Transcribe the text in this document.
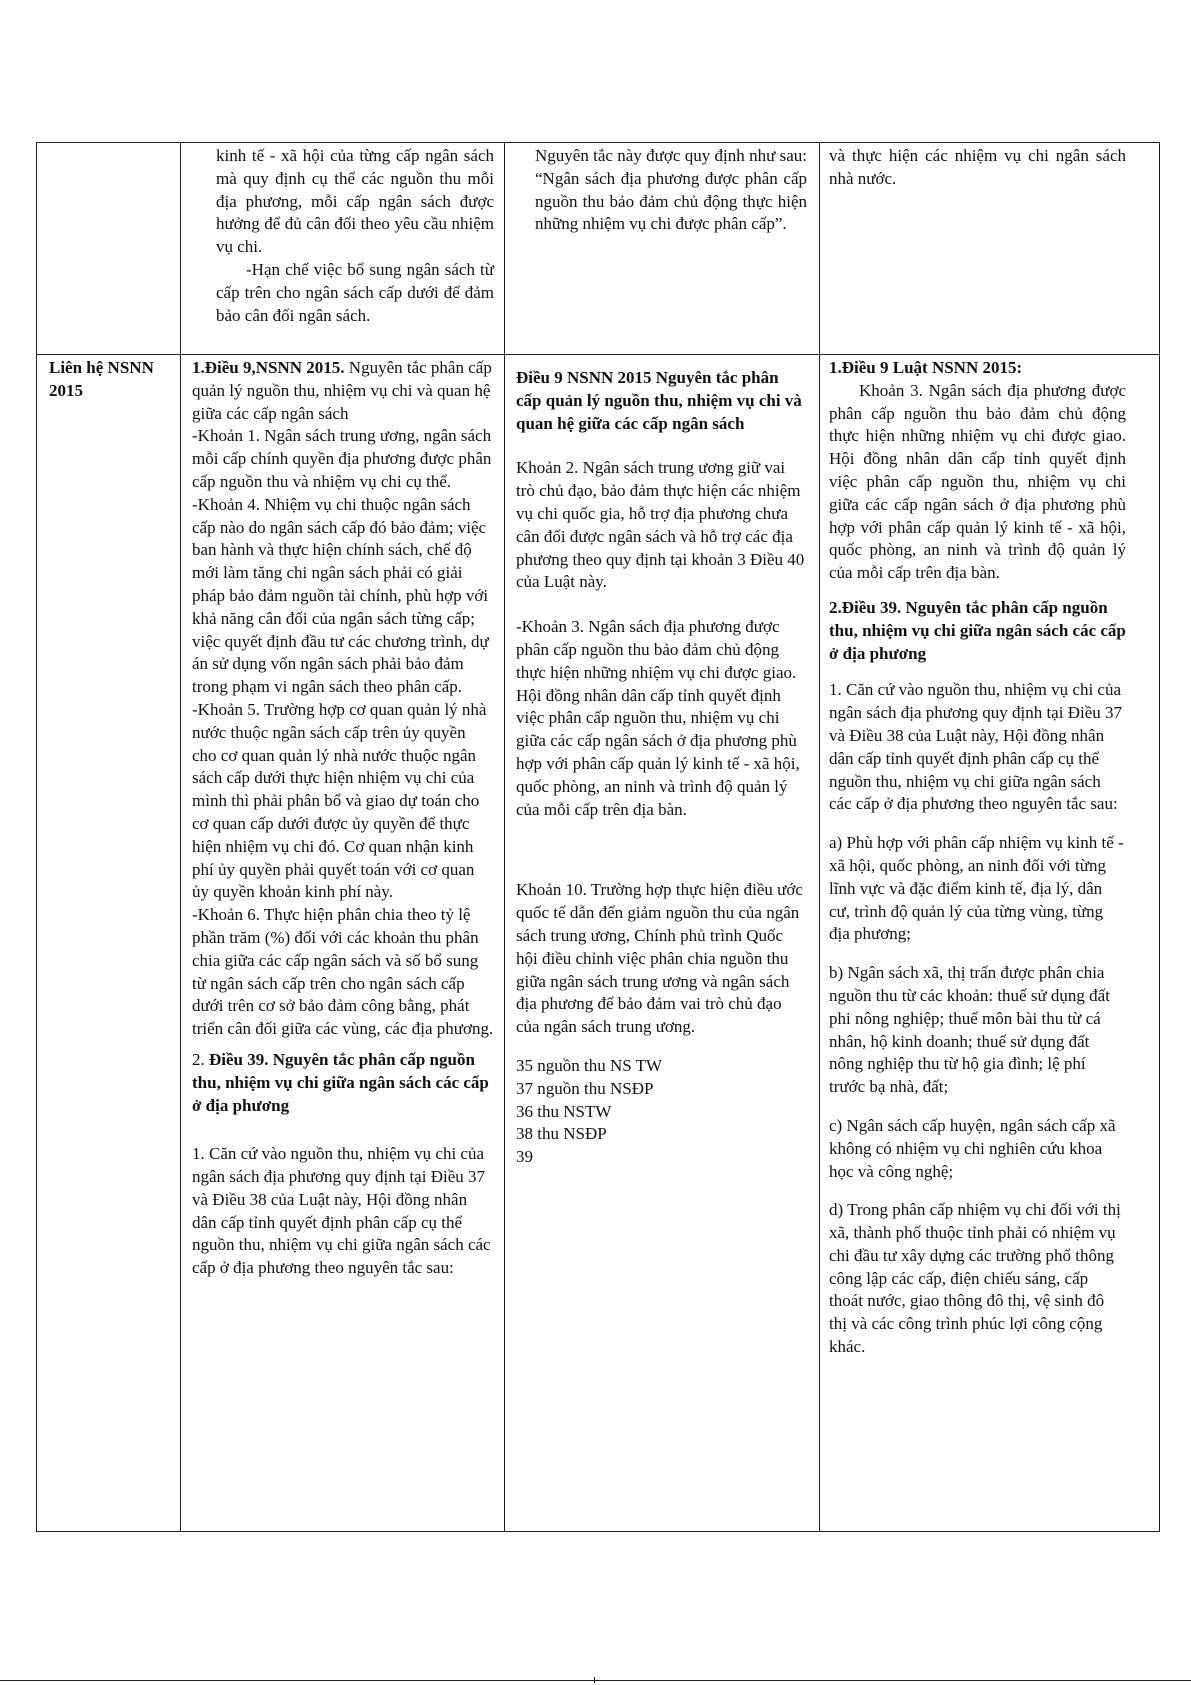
kinh tế - xã hội của từng cấp ngân sách mà quy định cụ thể các nguồn thu mỗi địa phương, mỗi cấp ngân sách được hưởng để đủ cân đối theo yêu cầu nhiệm vụ chi.

-Hạn chế việc bổ sung ngân sách từ cấp trên cho ngân sách cấp dưới để đảm bảo cân đối ngân sách.

Nguyên tắc này được quy định như sau: “Ngân sách địa phương được phân cấp nguồn thu bảo đảm chủ động thực hiện những nhiệm vụ chi được phân cấp”.

và thực hiện các nhiệm vụ chi ngân sách nhà nước.

Liên hệ NSNN 2015

1.Điều 9,NSNN 2015. Nguyên tắc phân cấp quản lý nguồn thu, nhiệm vụ chi và quan hệ giữa các cấp ngân sách

-Khoản 1. Ngân sách trung ương, ngân sách mỗi cấp chính quyền địa phương được phân cấp nguồn thu và nhiệm vụ chi cụ thể.

-Khoản 4. Nhiệm vụ chi thuộc ngân sách cấp nào do ngân sách cấp đó bảo đảm; việc ban hành và thực hiện chính sách, chế độ mới làm tăng chi ngân sách phải có giải pháp bảo đảm nguồn tài chính, phù hợp với khả năng cân đối của ngân sách từng cấp; việc quyết định đầu tư các chương trình, dự án sử dụng vốn ngân sách phải bảo đảm trong phạm vi ngân sách theo phân cấp.

-Khoản 5. Trường hợp cơ quan quản lý nhà nước thuộc ngân sách cấp trên ủy quyền cho cơ quan quản lý nhà nước thuộc ngân sách cấp dưới thực hiện nhiệm vụ chi của mình thì phải phân bổ và giao dự toán cho cơ quan cấp dưới được ủy quyền để thực hiện nhiệm vụ chi đó. Cơ quan nhận kinh phí ủy quyền phải quyết toán với cơ quan ủy quyền khoản kinh phí này.

-Khoản 6. Thực hiện phân chia theo tỷ lệ phần trăm (%) đối với các khoản thu phân chia giữa các cấp ngân sách và số bổ sung từ ngân sách cấp trên cho ngân sách cấp dưới trên cơ sở bảo đảm công bằng, phát triển cân đối giữa các vùng, các địa phương.

2. Điều 39. Nguyên tắc phân cấp nguồn thu, nhiệm vụ chi giữa ngân sách các cấp ở địa phương

1. Căn cứ vào nguồn thu, nhiệm vụ chi của ngân sách địa phương quy định tại Điều 37 và Điều 38 của Luật này, Hội đồng nhân dân cấp tỉnh quyết định phân cấp cụ thể nguồn thu, nhiệm vụ chi giữa ngân sách các cấp ở địa phương theo nguyên tắc sau:

Điều 9 NSNN 2015 Nguyên tắc phân cấp quản lý nguồn thu, nhiệm vụ chi và quan hệ giữa các cấp ngân sách

Khoản 2. Ngân sách trung ương giữ vai trò chủ đạo, bảo đảm thực hiện các nhiệm vụ chi quốc gia, hỗ trợ địa phương chưa cân đối được ngân sách và hỗ trợ các địa phương theo quy định tại khoản 3 Điều 40 của Luật này.

-Khoản 3. Ngân sách địa phương được phân cấp nguồn thu bảo đảm chủ động thực hiện những nhiệm vụ chi được giao. Hội đồng nhân dân cấp tỉnh quyết định việc phân cấp nguồn thu, nhiệm vụ chi giữa các cấp ngân sách ở địa phương phù hợp với phân cấp quản lý kinh tế - xã hội, quốc phòng, an ninh và trình độ quản lý của mỗi cấp trên địa bàn.

Khoản 10. Trường hợp thực hiện điều ước quốc tế dẫn đến giảm nguồn thu của ngân sách trung ương, Chính phủ trình Quốc hội điều chỉnh việc phân chia nguồn thu giữa ngân sách trung ương và ngân sách địa phương để bảo đảm vai trò chủ đạo của ngân sách trung ương.

35 nguồn thu NS TW

37 nguồn thu NSĐP

36 thu NSTW

38 thu NSĐP

39

1.Điều 9 Luật NSNN 2015:

Khoản 3. Ngân sách địa phương được phân cấp nguồn thu bảo đảm chủ động thực hiện những nhiệm vụ chi được giao. Hội đồng nhân dân cấp tỉnh quyết định việc phân cấp nguồn thu, nhiệm vụ chi giữa các cấp ngân sách ở địa phương phù hợp với phân cấp quản lý kinh tế - xã hội, quốc phòng, an ninh và trình độ quản lý của mỗi cấp trên địa bàn.

2.Điều 39. Nguyên tắc phân cấp nguồn thu, nhiệm vụ chi giữa ngân sách các cấp ở địa phương

1. Căn cứ vào nguồn thu, nhiệm vụ chi của ngân sách địa phương quy định tại Điều 37 và Điều 38 của Luật này, Hội đồng nhân dân cấp tỉnh quyết định phân cấp cụ thể nguồn thu, nhiệm vụ chi giữa ngân sách các cấp ở địa phương theo nguyên tắc sau:

a) Phù hợp với phân cấp nhiệm vụ kinh tế - xã hội, quốc phòng, an ninh đối với từng lĩnh vực và đặc điểm kinh tế, địa lý, dân cư, trình độ quản lý của từng vùng, từng địa phương;

b) Ngân sách xã, thị trấn được phân chia nguồn thu từ các khoản: thuế sử dụng đất phi nông nghiệp; thuế môn bài thu từ cá nhân, hộ kinh doanh; thuế sử dụng đất nông nghiệp thu từ hộ gia đình; lệ phí trước bạ nhà, đất;

c) Ngân sách cấp huyện, ngân sách cấp xã không có nhiệm vụ chi nghiên cứu khoa học và công nghệ;

d) Trong phân cấp nhiệm vụ chi đối với thị xã, thành phố thuộc tỉnh phải có nhiệm vụ chi đầu tư xây dựng các trường phổ thông công lập các cấp, điện chiếu sáng, cấp thoát nước, giao thông đô thị, vệ sinh đô thị và các công trình phúc lợi công cộng khác.
